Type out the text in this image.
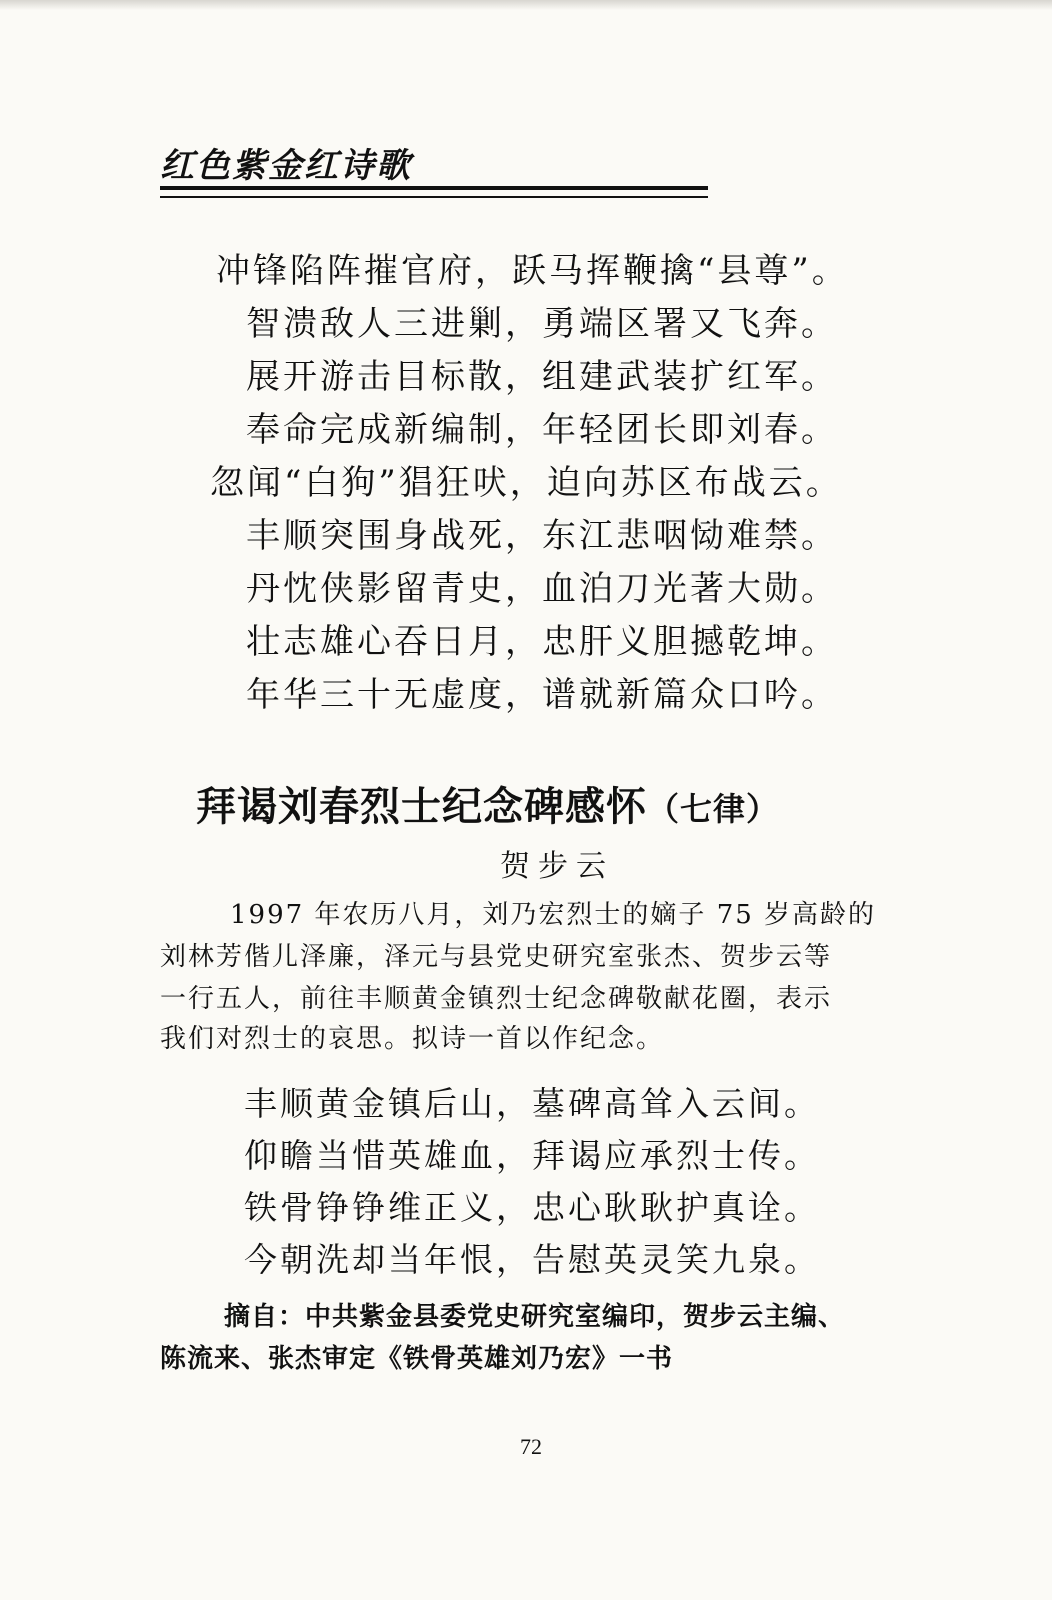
红色紫金红诗歌
冲锋陷阵摧官府，跃马挥鞭擒“县尊”。
智溃敌人三进剿，勇端区署又飞奔。
展开游击目标散，组建武装扩红军。
奉命完成新编制，年轻团长即刘春。
忽闻“白狗”猖狂吠，迫向苏区布战云。
丰顺突围身战死，东江悲咽恸难禁。
丹忱侠影留青史，血泊刀光著大勋。
壮志雄心吞日月，忠肝义胆撼乾坤。
年华三十无虚度，谱就新篇众口吟。
拜谒刘春烈士纪念碑感怀（七律）
贺步云
1997 年农历八月，刘乃宏烈士的嫡子 75 岁高龄的
刘林芳偕儿泽廉，泽元与县党史研究室张杰、贺步云等
一行五人，前往丰顺黄金镇烈士纪念碑敬献花圈，表示
我们对烈士的哀思。拟诗一首以作纪念。
丰顺黄金镇后山，墓碑高耸入云间。
仰瞻当惜英雄血，拜谒应承烈士传。
铁骨铮铮维正义，忠心耿耿护真诠。
今朝洗却当年恨，告慰英灵笑九泉。
摘自：中共紫金县委党史研究室编印，贺步云主编、
陈流来、张杰审定《铁骨英雄刘乃宏》一书
72
